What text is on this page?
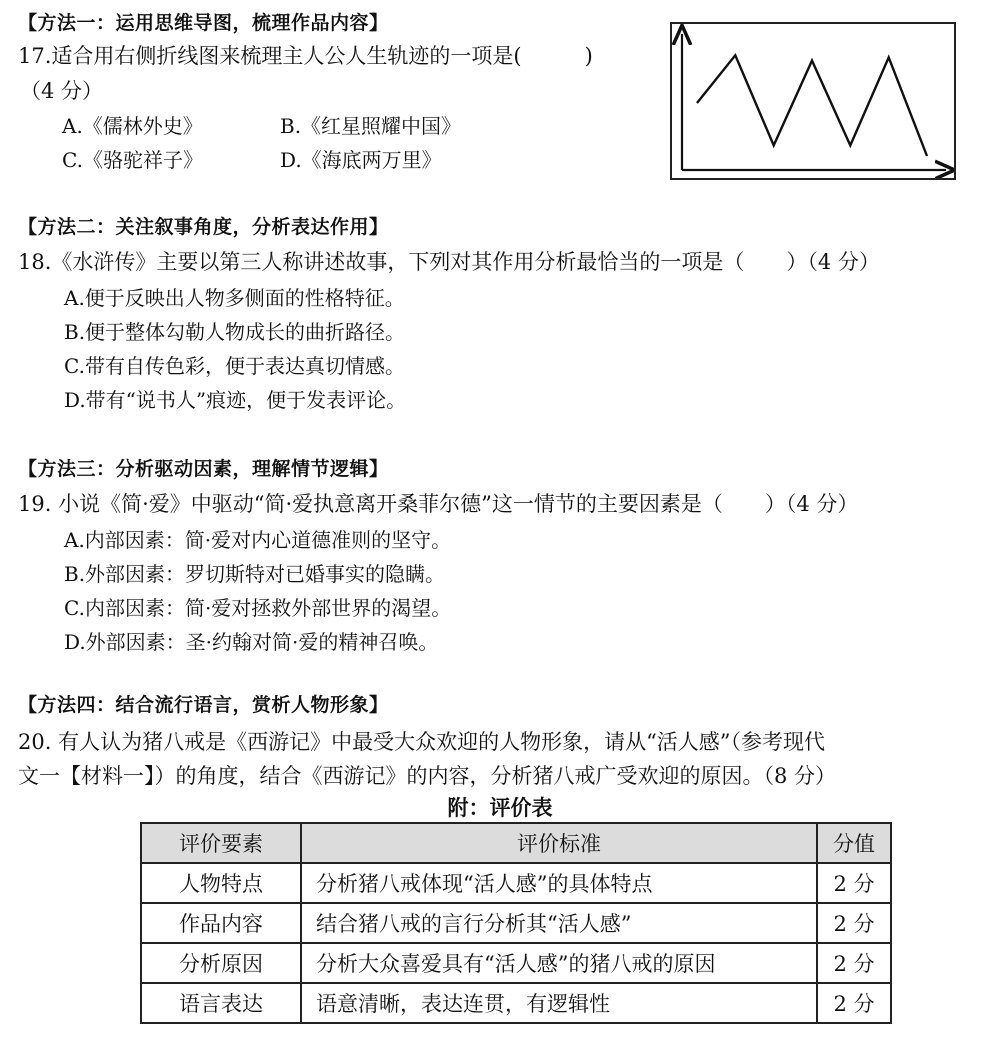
【方法一：运用思维导图，梳理作品内容】
17.适合用右侧折线图来梳理主人公人生轨迹的一项是(　　　)
（4 分）
A.《儒林外史》	B.《红星照耀中国》
C.《骆驼祥子》	D.《海底两万里》
【方法二：关注叙事角度，分析表达作用】
18.《水浒传》主要以第三人称讲述故事，下列对其作用分析最恰当的一项是（　　）（4 分）
A.便于反映出人物多侧面的性格特征。
B.便于整体勾勒人物成长的曲折路径。
C.带有自传色彩，便于表达真切情感。
D.带有“说书人”痕迹，便于发表评论。
【方法三：分析驱动因素，理解情节逻辑】
19. 小说《简·爱》中驱动“简·爱执意离开桑菲尔德”这一情节的主要因素是（　　）（4 分）
A.内部因素：简·爱对内心道德准则的坚守。
B.外部因素：罗切斯特对已婚事实的隐瞒。
C.内部因素：简·爱对拯救外部世界的渴望。
D.外部因素：圣·约翰对简·爱的精神召唤。
【方法四：结合流行语言，赏析人物形象】
20. 有人认为猪八戒是《西游记》中最受大众欢迎的人物形象，请从“活人感”（参考现代
文一【材料一】）的角度，结合《西游记》的内容，分析猪八戒广受欢迎的原因。（8 分）
附：评价表
评价要素	评价标准	分值
人物特点	分析猪八戒体现“活人感”的具体特点	2 分
作品内容	结合猪八戒的言行分析其“活人感”	2 分
分析原因	分析大众喜爱具有“活人感”的猪八戒的原因	2 分
语言表达	语意清晰，表达连贯，有逻辑性	2 分
